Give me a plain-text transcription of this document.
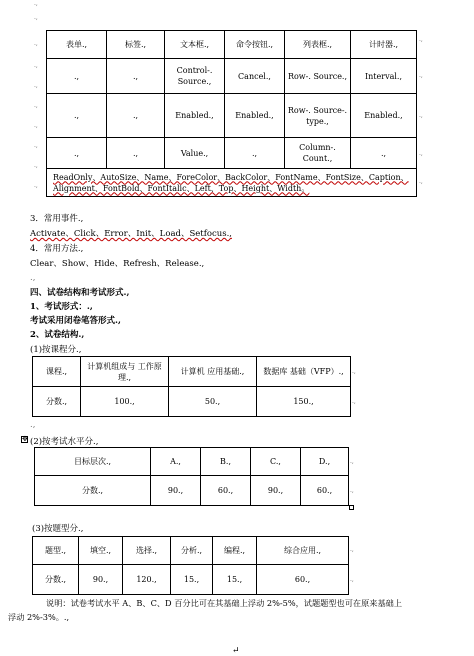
.,
.,
表单.,	标签.,	文本框.,	命令按钮.,	列表框.,	计时器.,
.,	.,	Control-. Source.,	Cancel.,	Row-. Source.,	Interval.,
.,	.,	Enabled.,	Enabled.,	Row-. Source-. type.,	Enabled.,
.,	.,	Value.,	.,	Column-. Count.,	.,

ReadOnly、AutoSize、Name、ForeColor、BackColor、FontName、FontSize、Caption、
Alignment、FontBold、FontItalic、Left、Top、Height、Width。					
.,
.,
.,
.,
.,
.,
.,
.,
.,
.,
.,
.,
.,
3．常用事件.,
Activate、Click、Error、Init、Load、Setfocus.,
4．常用方法.,
Clear、Show、Hide、Refresh、Release.,
.,
四、试卷结构和考试形式.,
1、考试形式：.,
考试采用闭卷笔答形式.,
2、试卷结构.,
(1)按课程分.,
课程.,	计算机组成与 工作原理.,	计算机 应用基础.,	数据库 基础（VFP）.,
分数.,	100.,	50.,	150.,
.,
.,
.,
✥ (2)按考试水平分.,
目标层次.,	A.,	B.,	C.,	D.,
分数.,	90.,	60.,	90.,	60.,
.,
.,
(3)按题型分.,
题型.,	填空.,	选择.,	分析.,	编程.,	综合应用.,
分数.,	90.,	120.,	15.,	15.,	60.,
.,
.,
说明：试卷考试水平 A、B、C、D 百分比可在其基础上浮动 2%-5%，试题题型也可在原来基础上
浮动 2%-3%。.,
↵
